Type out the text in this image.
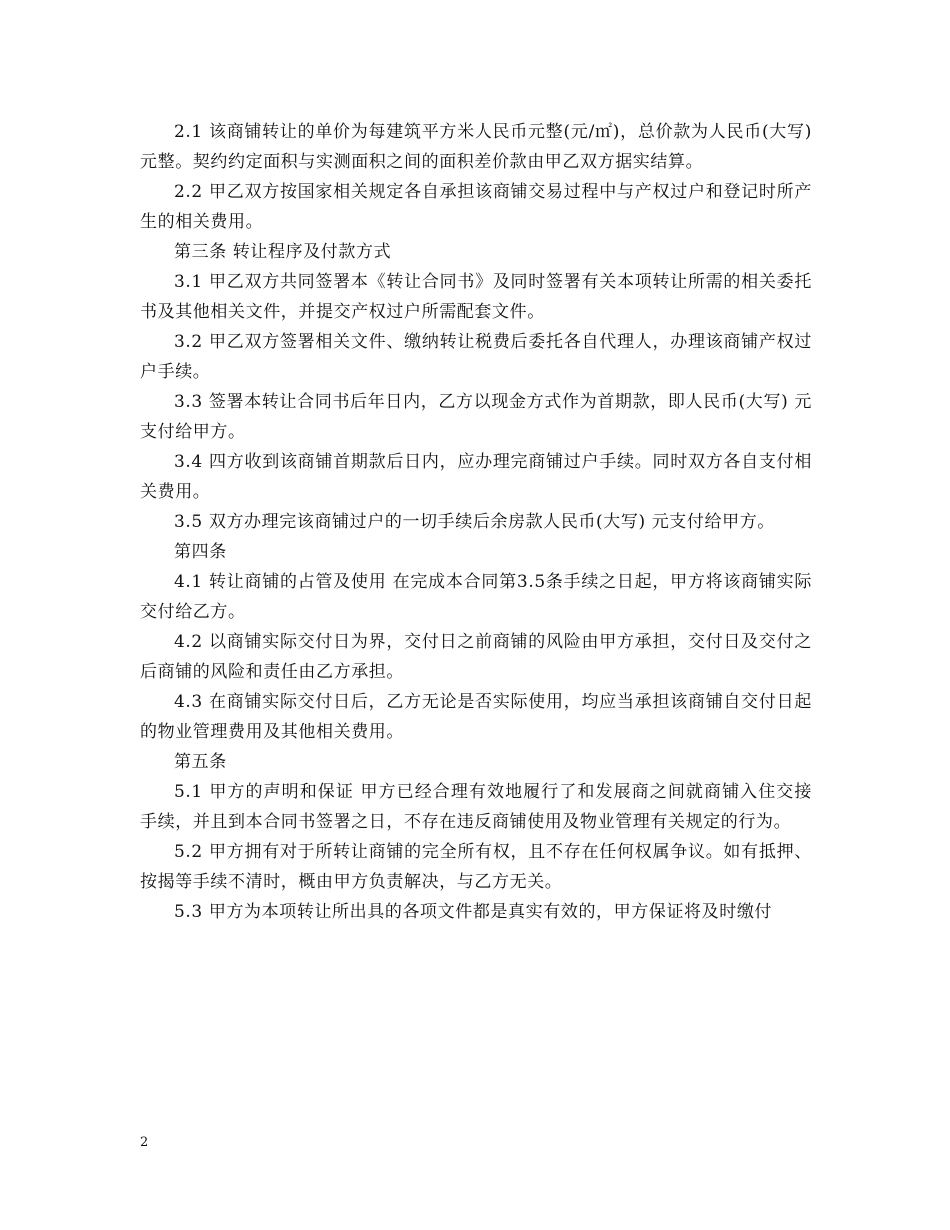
2.1 该商铺转让的单价为每建筑平方米人民币元整(元/㎡)，总价款为人民币(大写) 元整。契约约定面积与实测面积之间的面积差价款由甲乙双方据实结算。

2.2 甲乙双方按国家相关规定各自承担该商铺交易过程中与产权过户和登记时所产生的相关费用。

第三条 转让程序及付款方式

3.1 甲乙双方共同签署本《转让合同书》及同时签署有关本项转让所需的相关委托书及其他相关文件，并提交产权过户所需配套文件。

3.2 甲乙双方签署相关文件、缴纳转让税费后委托各自代理人，办理该商铺产权过户手续。

3.3 签署本转让合同书后年日内，乙方以现金方式作为首期款，即人民币(大写) 元支付给甲方。

3.4 四方收到该商铺首期款后日内，应办理完商铺过户手续。同时双方各自支付相关费用。

3.5 双方办理完该商铺过户的一切手续后余房款人民币(大写) 元支付给甲方。

第四条

4.1 转让商铺的占管及使用 在完成本合同第3.5条手续之日起，甲方将该商铺实际交付给乙方。

4.2 以商铺实际交付日为界，交付日之前商铺的风险由甲方承担，交付日及交付之后商铺的风险和责任由乙方承担。

4.3 在商铺实际交付日后，乙方无论是否实际使用，均应当承担该商铺自交付日起的物业管理费用及其他相关费用。

第五条

5.1 甲方的声明和保证 甲方已经合理有效地履行了和发展商之间就商铺入住交接手续，并且到本合同书签署之日，不存在违反商铺使用及物业管理有关规定的行为。

5.2 甲方拥有对于所转让商铺的完全所有权，且不存在任何权属争议。如有抵押、按揭等手续不清时，概由甲方负责解决，与乙方无关。

5.3 甲方为本项转让所出具的各项文件都是真实有效的，甲方保证将及时缴付

2
